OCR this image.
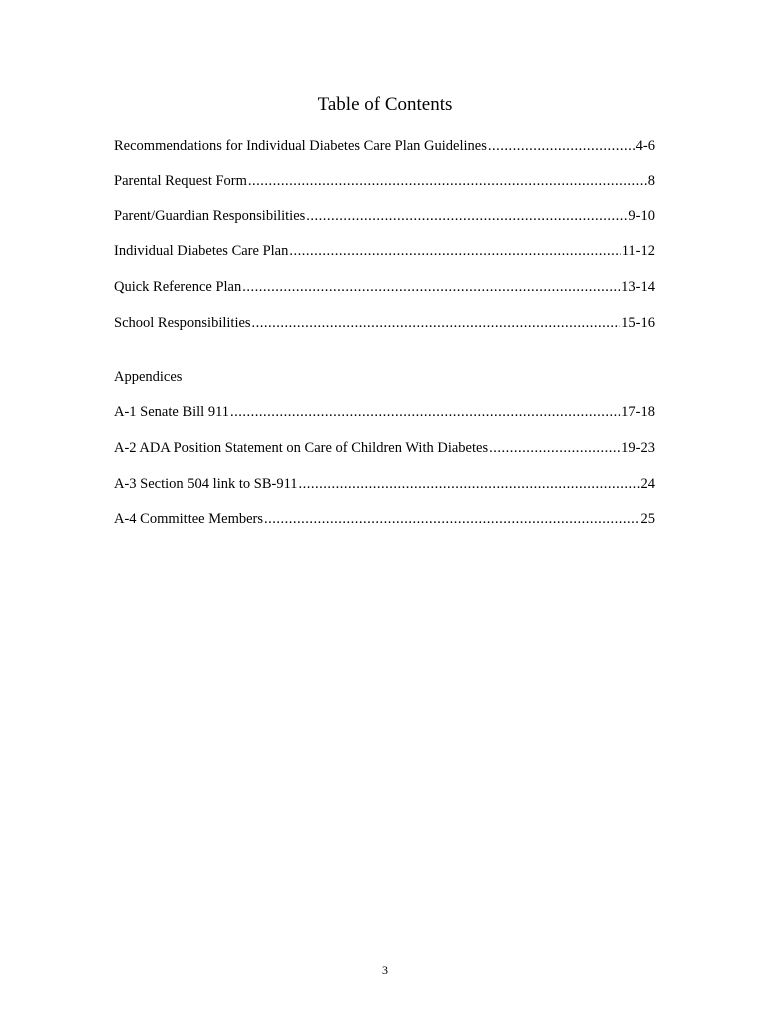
Table of Contents
Recommendations for Individual Diabetes Care Plan Guidelines .....	4-6
Parental Request Form .....	8
Parent/Guardian Responsibilities .....	9-10
Individual Diabetes Care Plan .....	11-12
Quick Reference Plan .....	13-14
School Responsibilities .....	15-16
Appendices
A-1 Senate Bill 911 .....	17-18
A-2 ADA Position Statement on Care of Children With Diabetes .....	19-23
A-3 Section 504 link to SB-911 .....	24
A-4 Committee Members .....	25
3
